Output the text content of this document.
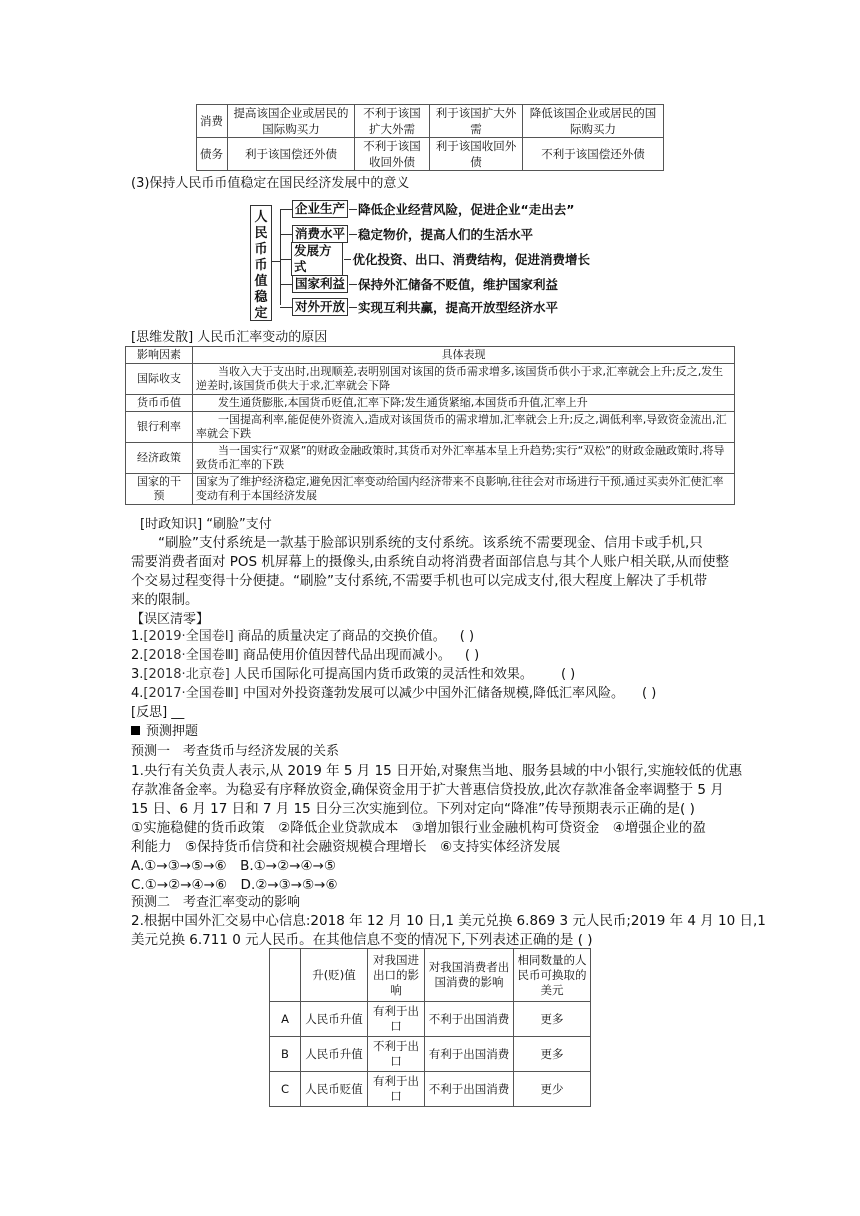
消费	提高该国企业或居民的国际购买力	不利于该国扩大外需	利于该国扩大外需	降低该国企业或居民的国际购买力
债务	利于该国偿还外债	不利于该国收回外债	利于该国收回外债	不利于该国偿还外债
(3)保持人民币币值稳定在国民经济发展中的意义
人民币币值稳定
企业生产 降低企业经营风险，促进企业“走出去”
消费水平 稳定物价，提高人们的生活水平
发展方式	优化投资、出口、消费结构，促进消费增长
国家利益 保持外汇储备不贬值，维护国家利益
对外开放 实现互利共赢，提高开放型经济水平
[思维发散] 人民币汇率变动的原因
影响因素	具体表现
国际收支	当收入大于支出时,出现顺差,表明别国对该国的货币需求增多,该国货币供小于求,汇率就会上升;反之,发生逆差时,该国货币供大于求,汇率就会下降
货币币值	发生通货膨胀,本国货币贬值,汇率下降;发生通货紧缩,本国货币升值,汇率上升
银行利率	一国提高利率,能促使外资流入,造成对该国货币的需求增加,汇率就会上升;反之,调低利率,导致资金流出,汇率就会下跌
经济政策	当一国实行“双紧”的财政金融政策时,其货币对外汇率基本呈上升趋势;实行“双松”的财政金融政策时,将导致货币汇率的下跌
国家的干预	国家为了维护经济稳定,避免因汇率变动给国内经济带来不良影响,往往会对市场进行干预,通过买卖外汇使汇率变动有利于本国经济发展
[时政知识] “刷脸”支付
“刷脸”支付系统是一款基于脸部识别系统的支付系统。该系统不需要现金、信用卡或手机,只
需要消费者面对 POS 机屏幕上的摄像头,由系统自动将消费者面部信息与其个人账户相关联,从而使整
个交易过程变得十分便捷。“刷脸”支付系统,不需要手机也可以完成支付,很大程度上解决了手机带
来的限制。
【误区清零】
1.[2019·全国卷Ⅰ] 商品的质量决定了商品的交换价值。 ( )
2.[2018·全国卷Ⅲ] 商品使用价值因替代品出现而减小。 ( )
3.[2018·北京卷] 人民币国际化可提高国内货币政策的灵活性和效果。 ( )
4.[2017·全国卷Ⅲ] 中国对外投资蓬勃发展可以减少中国外汇储备规模,降低汇率风险。 ( )
[反思] __
预测押题
预测一　考查货币与经济发展的关系
1.央行有关负责人表示,从 2019 年 5 月 15 日开始,对聚焦当地、服务县域的中小银行,实施较低的优惠
存款准备金率。为稳妥有序释放资金,确保资金用于扩大普惠信贷投放,此次存款准备金率调整于 5 月
15 日、6 月 17 日和 7 月 15 日分三次实施到位。下列对定向“降准”传导预期表示正确的是( )
①实施稳健的货币政策　②降低企业贷款成本　③增加银行业金融机构可贷资金　④增强企业的盈
利能力　⑤保持货币信贷和社会融资规模合理增长　⑥支持实体经济发展
A.①→③→⑤→⑥　B.①→②→④→⑤
C.①→②→④→⑥　D.②→③→⑤→⑥
预测二　考查汇率变动的影响
2.根据中国外汇交易中心信息:2018 年 12 月 10 日,1 美元兑换 6.869 3 元人民币;2019 年 4 月 10 日,1
美元兑换 6.711 0 元人民币。在其他信息不变的情况下,下列表述正确的是 ( )
	升(贬)值	对我国进出口的影响	对我国消费者出国消费的影响	相同数量的人民币可换取的美元
A	人民币升值	有利于出口	不利于出国消费	更多
B	人民币升值	不利于出口	有利于出国消费	更多
C	人民币贬值	有利于出口	不利于出国消费	更少
